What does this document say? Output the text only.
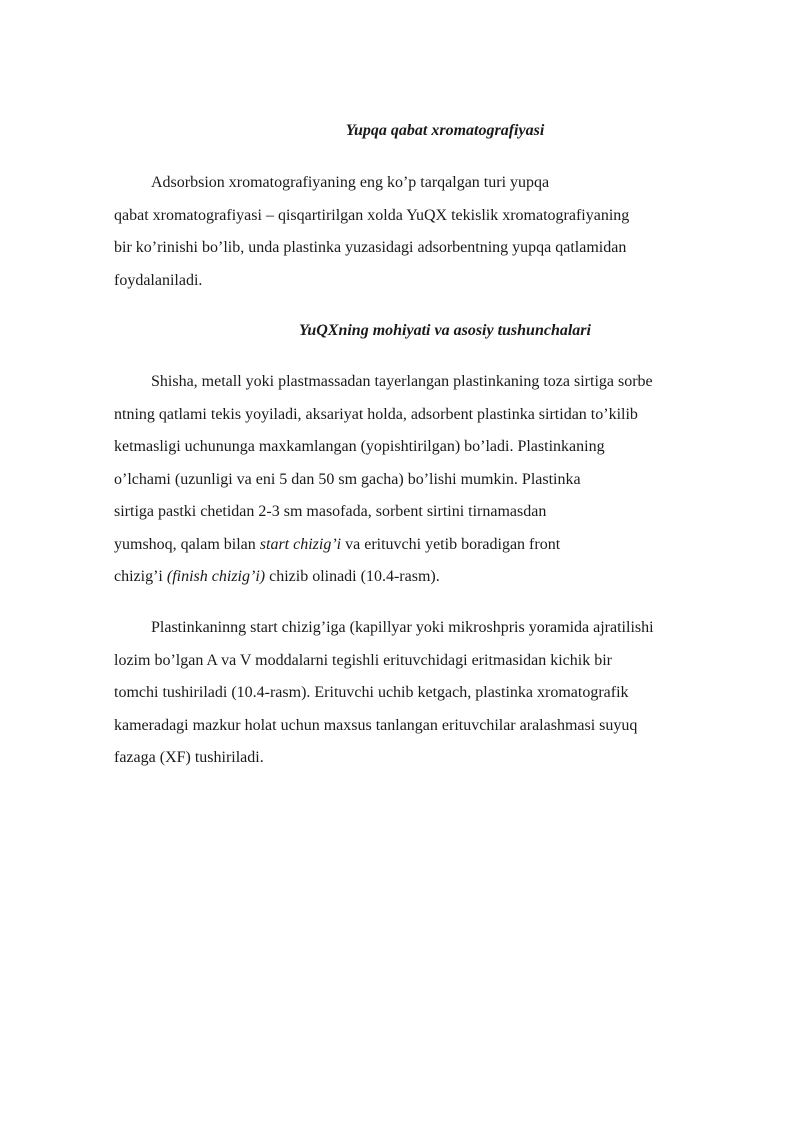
Yupqa qabat xromatografiyasi

Adsorbsion xromatografiyaning eng ko’p tarqalgan turi yupqa
qabat xromatografiyasi – qisqartirilgan xolda YuQX tekislik xromatografiyaning
bir ko’rinishi bo’lib, unda plastinka yuzasidagi adsorbentning yupqa qatlamidan
foydalaniladi.

YuQXning mohiyati va asosiy tushunchalari

Shisha, metall yoki plastmassadan tayerlangan plastinkaning toza sirtiga sorbe
ntning qatlami tekis yoyiladi, aksariyat holda, adsorbent plastinka sirtidan to’kilib
ketmasligi uchununga maxkamlangan (yopishtirilgan) bo’ladi. Plastinkaning
o’lchami (uzunligi va eni 5 dan 50 sm gacha) bo’lishi mumkin. Plastinka
sirtiga pastki chetidan 2-3 sm masofada, sorbent sirtini tirnamasdan
yumshoq, qalam bilan start chizig’i va erituvchi yetib boradigan front
chizig’i (finish chizig’i) chizib olinadi (10.4-rasm).

Plastinkaninng start chizig’iga (kapillyar yoki mikroshpris yoramida ajratilishi
lozim bo’lgan A va V moddalarni tegishli erituvchidagi eritmasidan kichik bir
tomchi tushiriladi (10.4-rasm). Erituvchi uchib ketgach, plastinka xromatografik
kameradagi mazkur holat uchun maxsus tanlangan erituvchilar aralashmasi suyuq
fazaga (XF) tushiriladi.
